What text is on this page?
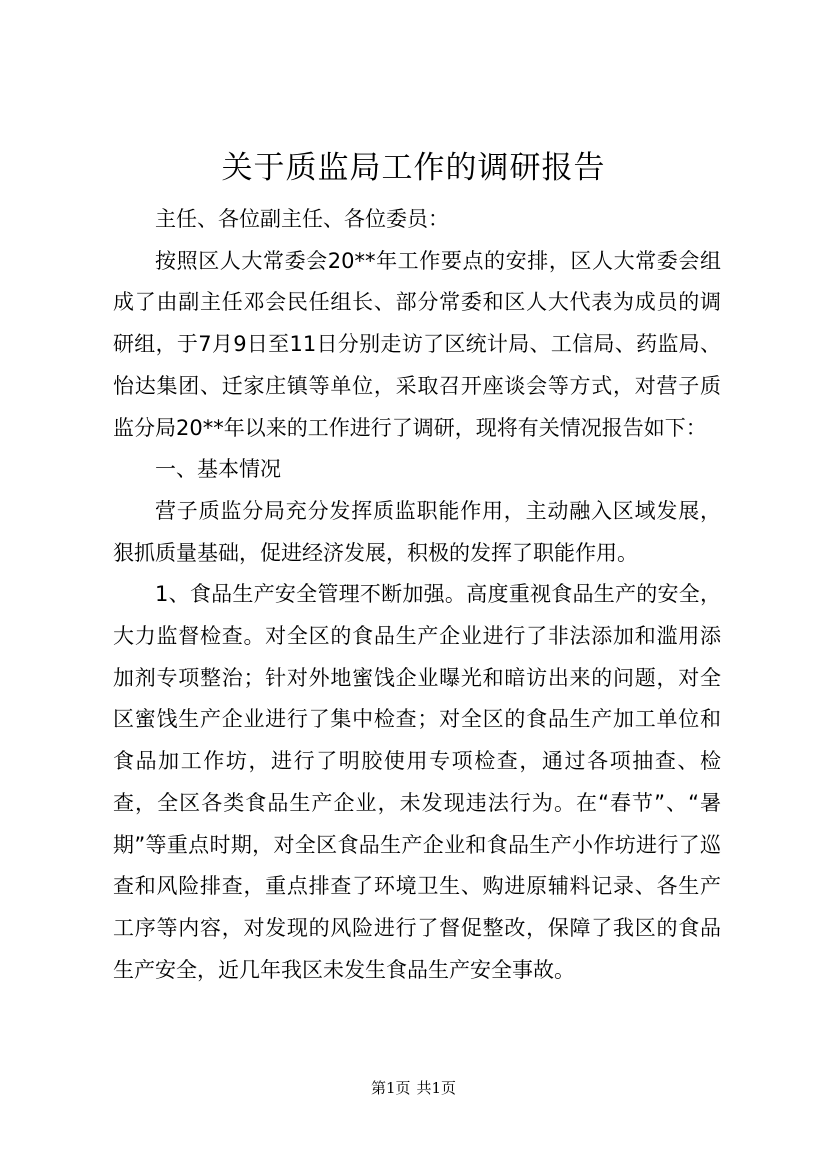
关于质监局工作的调研报告

主任、各位副主任、各位委员：

按照区人大常委会20**年工作要点的安排，区人大常委会组成了由副主任邓会民任组长、部分常委和区人大代表为成员的调研组，于7月9日至11日分别走访了区统计局、工信局、药监局、怡达集团、迁家庄镇等单位，采取召开座谈会等方式，对营子质监分局20**年以来的工作进行了调研，现将有关情况报告如下：

一、基本情况

营子质监分局充分发挥质监职能作用，主动融入区域发展，狠抓质量基础，促进经济发展，积极的发挥了职能作用。

1、食品生产安全管理不断加强。高度重视食品生产的安全，大力监督检查。对全区的食品生产企业进行了非法添加和滥用添加剂专项整治；针对外地蜜饯企业曝光和暗访出来的问题，对全区蜜饯生产企业进行了集中检查；对全区的食品生产加工单位和食品加工作坊，进行了明胶使用专项检查，通过各项抽查、检查，全区各类食品生产企业，未发现违法行为。在“春节”、“暑期”等重点时期，对全区食品生产企业和食品生产小作坊进行了巡查和风险排查，重点排查了环境卫生、购进原辅料记录、各生产工序等内容，对发现的风险进行了督促整改，保障了我区的食品生产安全，近几年我区未发生食品生产安全事故。

第1页 共1页
